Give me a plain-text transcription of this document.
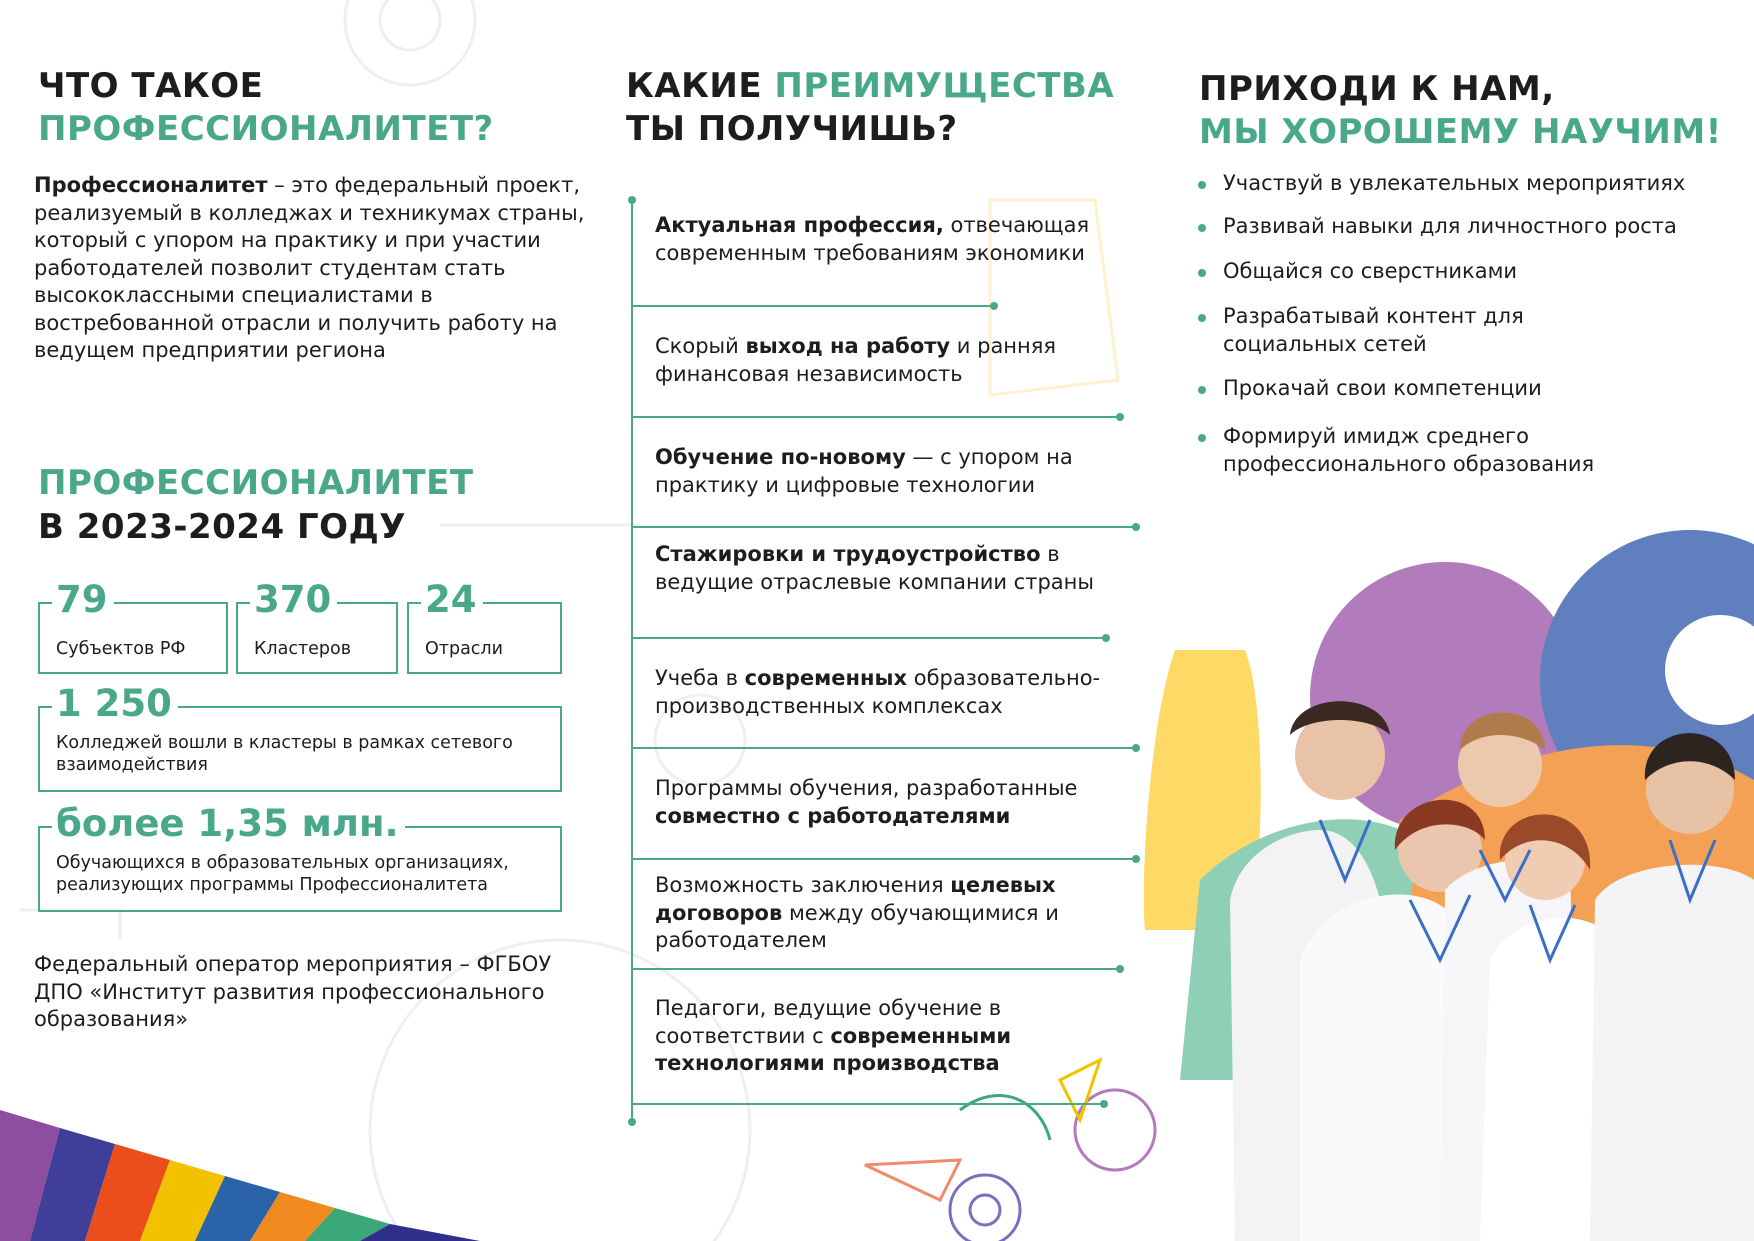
ЧТО ТАКОЕ

ПРОФЕССИОНАЛИТЕТ?

Профессионалитет – это федеральный проект, реализуемый в колледжах и техникумах страны, который с упором на практику и при участии работодателей позволит студентам стать высококлассными специалистами в востребованной отрасли и получить работу на ведущем предприятии региона

ПРОФЕССИОНАЛИТЕТ

В 2023-2024 ГОДУ

79
Субъектов РФ
370
Кластеров
24
Отрасли
1 250
Колледжей вошли в кластеры в рамках сетевого взаимодействия
более 1,35 млн.
Обучающихся в образовательных организациях, реализующих программы Профессионалитета
Федеральный оператор мероприятия – ФГБОУ ДПО «Институт развития профессионального образования»

КАКИЕ ПРЕИМУЩЕСТВА

ТЫ ПОЛУЧИШЬ?

Актуальная профессия, отвечающая современным требованиям экономики
Скорый выход на работу и ранняя финансовая независимость
Обучение по-новому — с упором на практику и цифровые технологии
Стажировки и трудоустройство в ведущие отраслевые компании страны
Учеба в современных образовательно-производственных комплексах
Программы обучения, разработанные совместно с работодателями
Возможность заключения целевых договоров между обучающимися и работодателем
Педагоги, ведущие обучение в соответствии с современными технологиями производства

ПРИХОДИ К НАМ,

МЫ ХОРОШЕМУ НАУЧИМ!

Участвуй в увлекательных мероприятиях
Развивай навыки для личностного роста
Общайся со сверстниками
Разрабатывай контент для социальных сетей
Прокачай свои компетенции
Формируй имидж среднего профессионального образования
